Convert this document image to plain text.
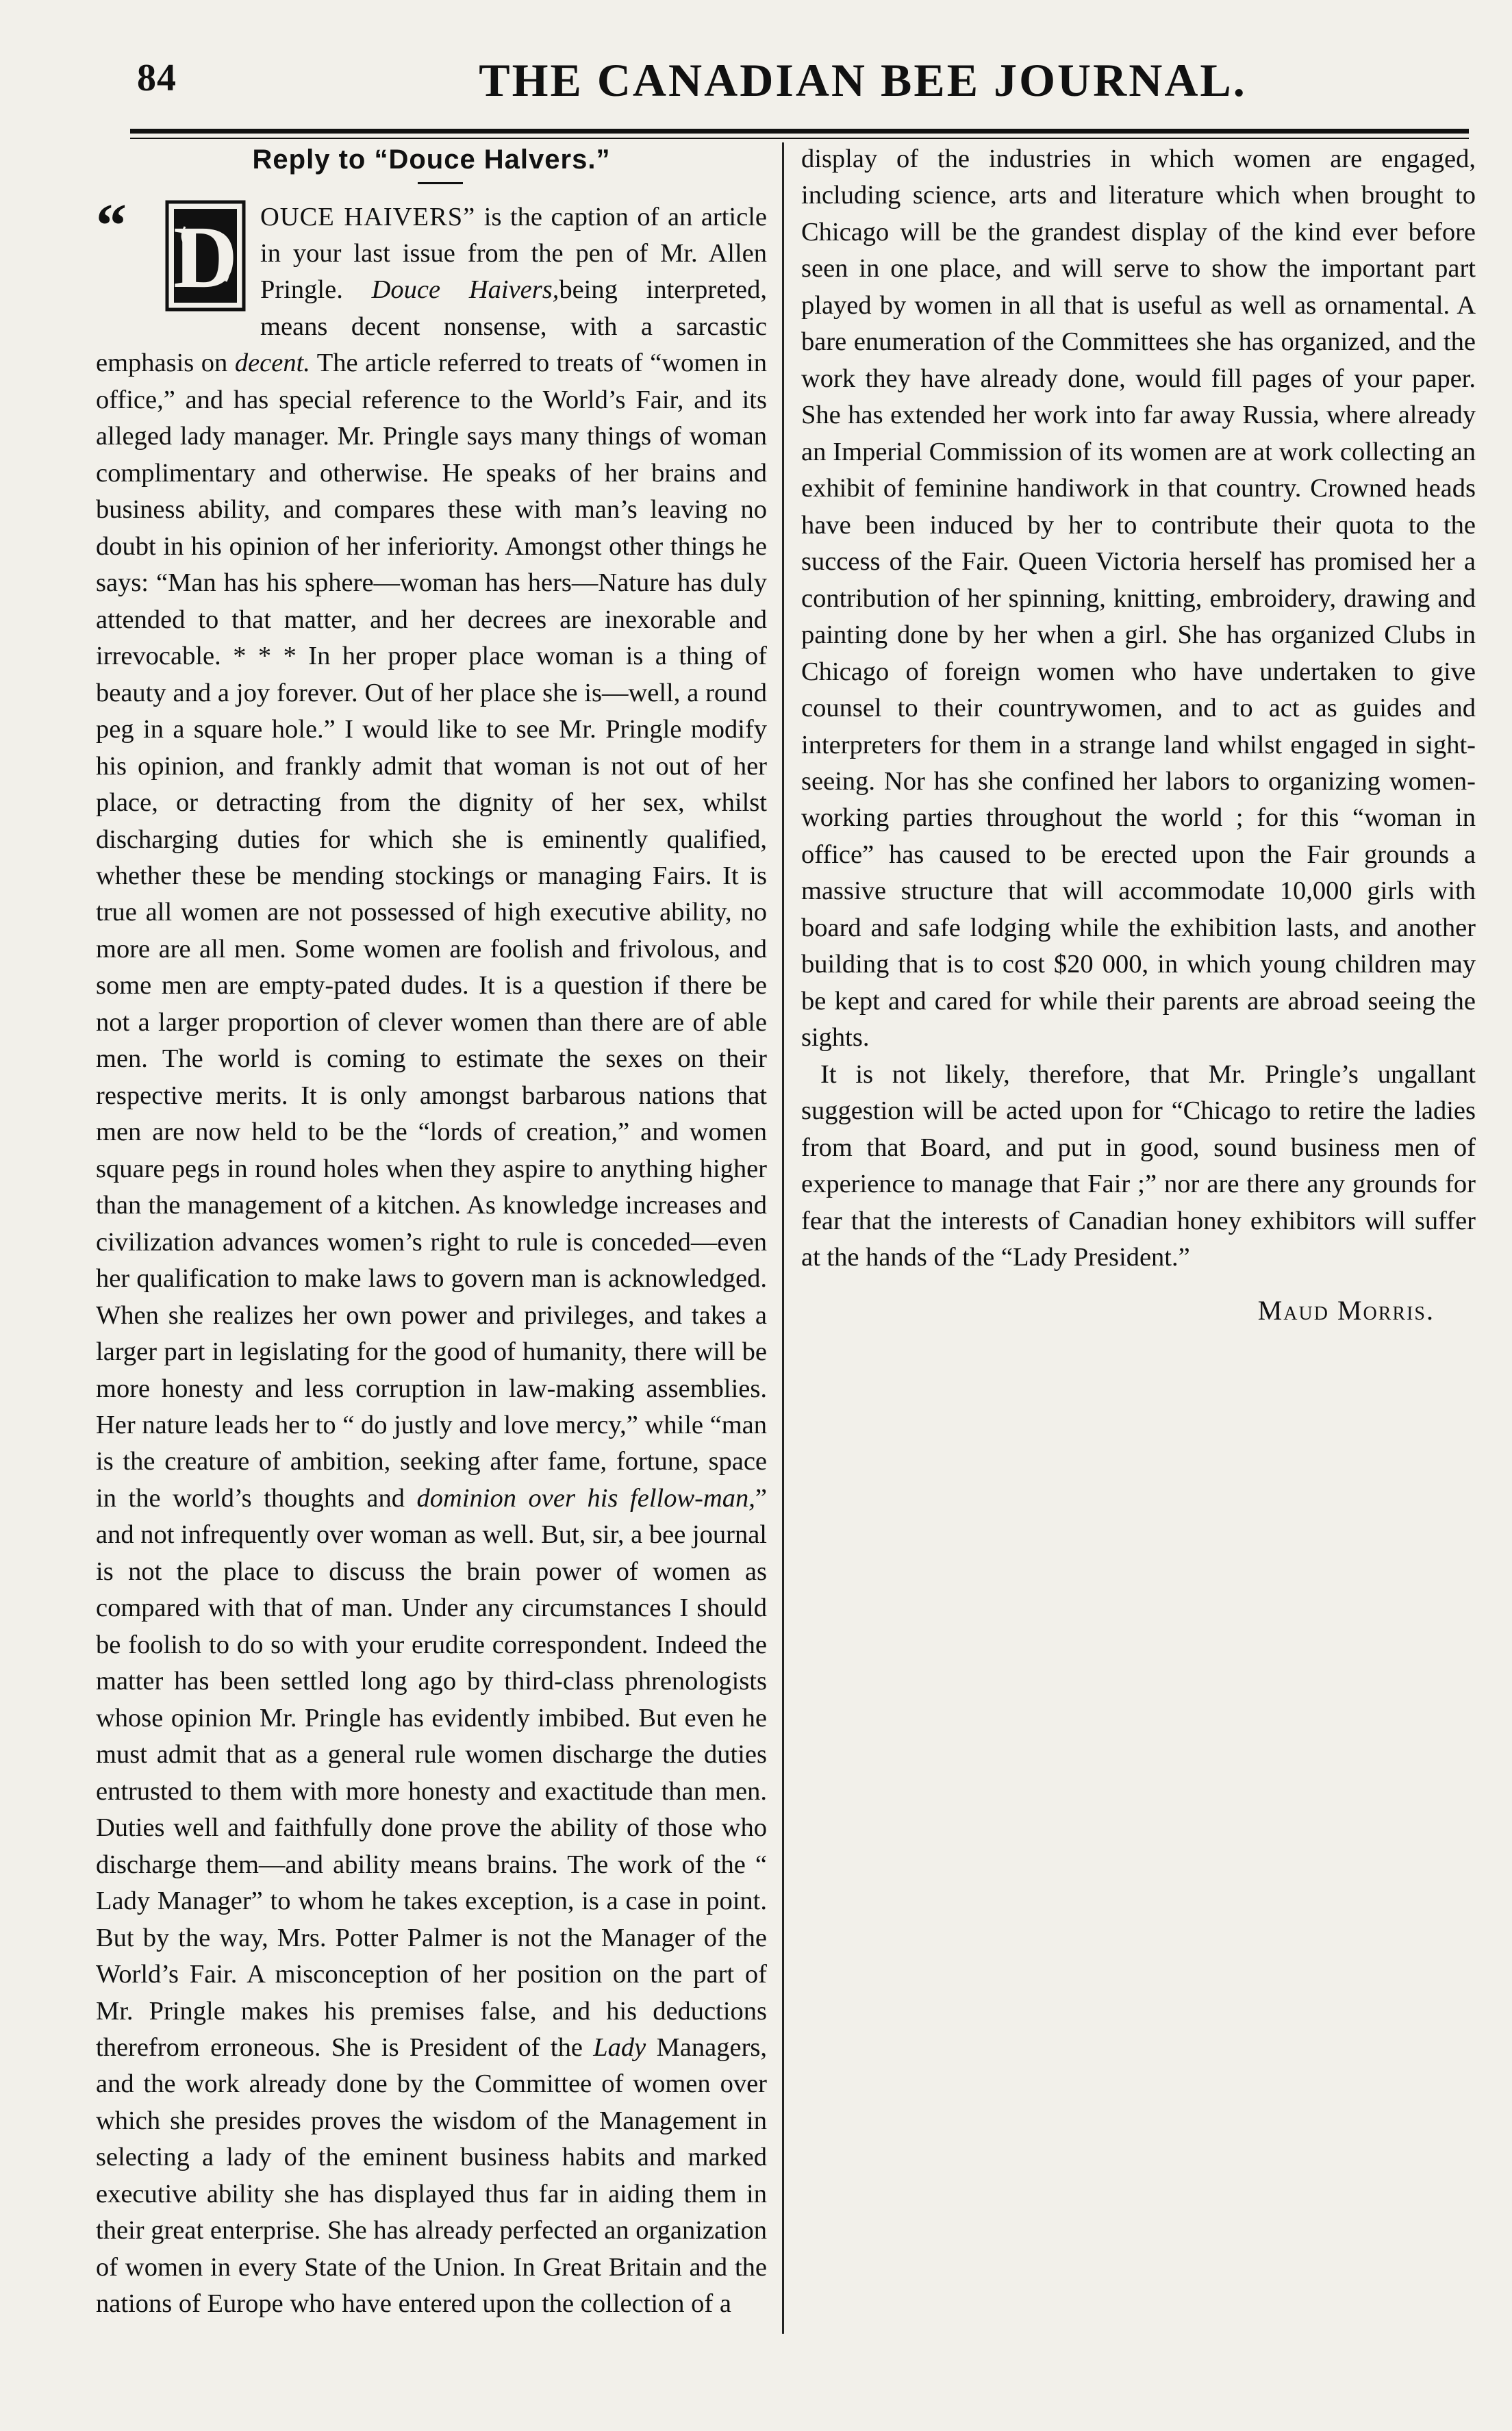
84	THE CANADIAN BEE JOURNAL.
Reply to “Douce Halvers.”

“ D OUCE HAIVERS” is the caption of an article in your last issue from the pen of Mr. Allen Pringle. Douce Haivers,being interpreted, means decent nonsense, with a sarcastic emphasis on decent. The article referred to treats of “women in office,” and has special reference to the World’s Fair, and its alleged lady manager. Mr. Pringle says many things of woman complimentary and otherwise. He speaks of her brains and business ability, and compares these with man’s leaving no doubt in his opinion of her inferiority. Amongst other things he says: “Man has his sphere—woman has hers—Nature has duly attended to that matter, and her decrees are inexorable and irrevocable. * * * In her proper place woman is a thing of beauty and a joy forever. Out of her place she is—well, a round peg in a square hole.” I would like to see Mr. Pringle modify his opinion, and frankly admit that woman is not out of her place, or detracting from the dignity of her sex, whilst discharging duties for which she is eminently qualified, whether these be mending stockings or managing Fairs. It is true all women are not possessed of high executive ability, no more are all men. Some women are foolish and frivolous, and some men are empty-pated dudes. It is a question if there be not a larger proportion of clever women than there are of able men. The world is coming to estimate the sexes on their respective merits. It is only amongst barbarous nations that men are now held to be the “lords of creation,” and women square pegs in round holes when they aspire to anything higher than the management of a kitchen. As knowledge increases and civilization advances women’s right to rule is conceded—even her qualification to make laws to govern man is acknowledged. When she realizes her own power and privileges, and takes a larger part in legislating for the good of humanity, there will be more honesty and less corruption in law-making assemblies. Her nature leads her to “ do justly and love mercy,” while “man is the creature of ambition, seeking after fame, fortune, space in the world’s thoughts and dominion over his fellow-man,” and not infrequently over woman as well. But, sir, a bee journal is not the place to discuss the brain power of women as compared with that of man. Under any circumstances I should be foolish to do so with your erudite correspondent. Indeed the matter has been settled long ago by third-class phrenologists whose opinion Mr. Pringle has evidently imbibed. But even he must admit that as a general rule women discharge the duties entrusted to them with more honesty and exactitude than men. Duties well and faithfully done prove the ability of those who discharge them—and ability means brains. The work of the “ Lady Manager” to whom he takes exception, is a case in point. But by the way, Mrs. Potter Palmer is not the Manager of the World’s Fair. A misconception of her position on the part of Mr. Pringle makes his premises false, and his deductions therefrom erroneous. She is President of the Lady Managers, and the work already done by the Committee of women over which she presides proves the wisdom of the Management in selecting a lady of the eminent business habits and marked executive ability she has displayed thus far in aiding them in their great enterprise. She has already perfected an organization of women in every State of the Union. In Great Britain and the nations of Europe who have entered upon the collection of a

display of the industries in which women are engaged, including science, arts and literature which when brought to Chicago will be the grandest display of the kind ever before seen in one place, and will serve to show the important part played by women in all that is useful as well as ornamental. A bare enumeration of the Committees she has organized, and the work they have already done, would fill pages of your paper. She has extended her work into far away Russia, where already an Imperial Commission of its women are at work collecting an exhibit of feminine handiwork in that country. Crowned heads have been induced by her to contribute their quota to the success of the Fair. Queen Victoria herself has promised her a contribution of her spinning, knitting, embroidery, drawing and painting done by her when a girl. She has organized Clubs in Chicago of foreign women who have undertaken to give counsel to their countrywomen, and to act as guides and interpreters for them in a strange land whilst engaged in sight-seeing. Nor has she confined her labors to organizing women-working parties throughout the world ; for this “woman in office” has caused to be erected upon the Fair grounds a massive structure that will accommodate 10,000 girls with board and safe lodging while the exhibition lasts, and another building that is to cost $20 000, in which young children may be kept and cared for while their parents are abroad seeing the sights.

It is not likely, therefore, that Mr. Pringle’s ungallant suggestion will be acted upon for “Chicago to retire the ladies from that Board, and put in good, sound business men of experience to manage that Fair ;” nor are there any grounds for fear that the interests of Canadian honey exhibitors will suffer at the hands of the “Lady President.”

Maud Morris.
